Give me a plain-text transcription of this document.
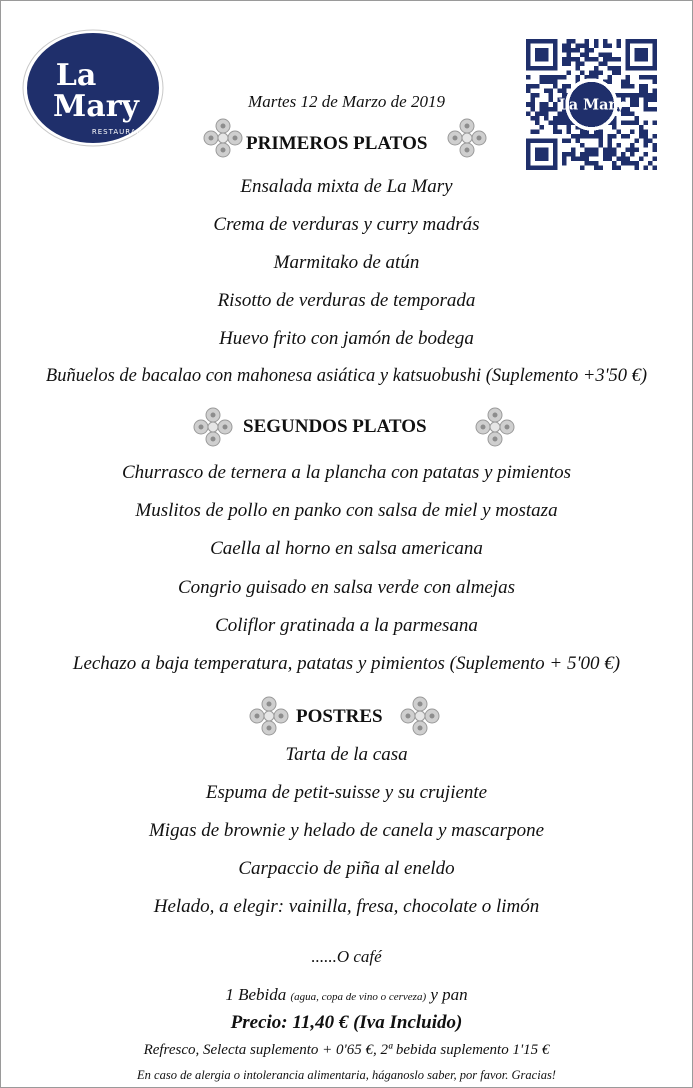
La
Mary
RESTAURANT
La Mary
Martes 12 de Marzo de 2019
PRIMEROS PLATOS
SEGUNDOS PLATOS
POSTRES
Ensalada mixta de La Mary
Crema de verduras y curry madrás
Marmitako de atún
Risotto de verduras de temporada
Huevo frito con jamón de bodega
Buñuelos de bacalao con mahonesa asiática y katsuobushi (Suplemento +3'50 €)
Churrasco de ternera a la plancha con patatas y pimientos
Muslitos de pollo en panko con salsa de miel y mostaza
Caella al horno en salsa americana
Congrio guisado en salsa verde con almejas
Coliflor gratinada a la parmesana
Lechazo a baja temperatura, patatas y pimientos (Suplemento + 5'00 €)
Tarta de la casa
Espuma de petit-suisse y su crujiente
Migas de brownie y helado de canela y mascarpone
Carpaccio de piña al eneldo
Helado, a elegir: vainilla, fresa, chocolate o limón
......O café
1 Bebida (agua, copa de vino o cerveza) y pan
Precio: 11,40 € (Iva Incluido)
Refresco, Selecta suplemento + 0'65 €, 2ª bebida suplemento 1'15 €
En caso de alergia o intolerancia alimentaria, háganoslo saber, por favor. Gracias!
